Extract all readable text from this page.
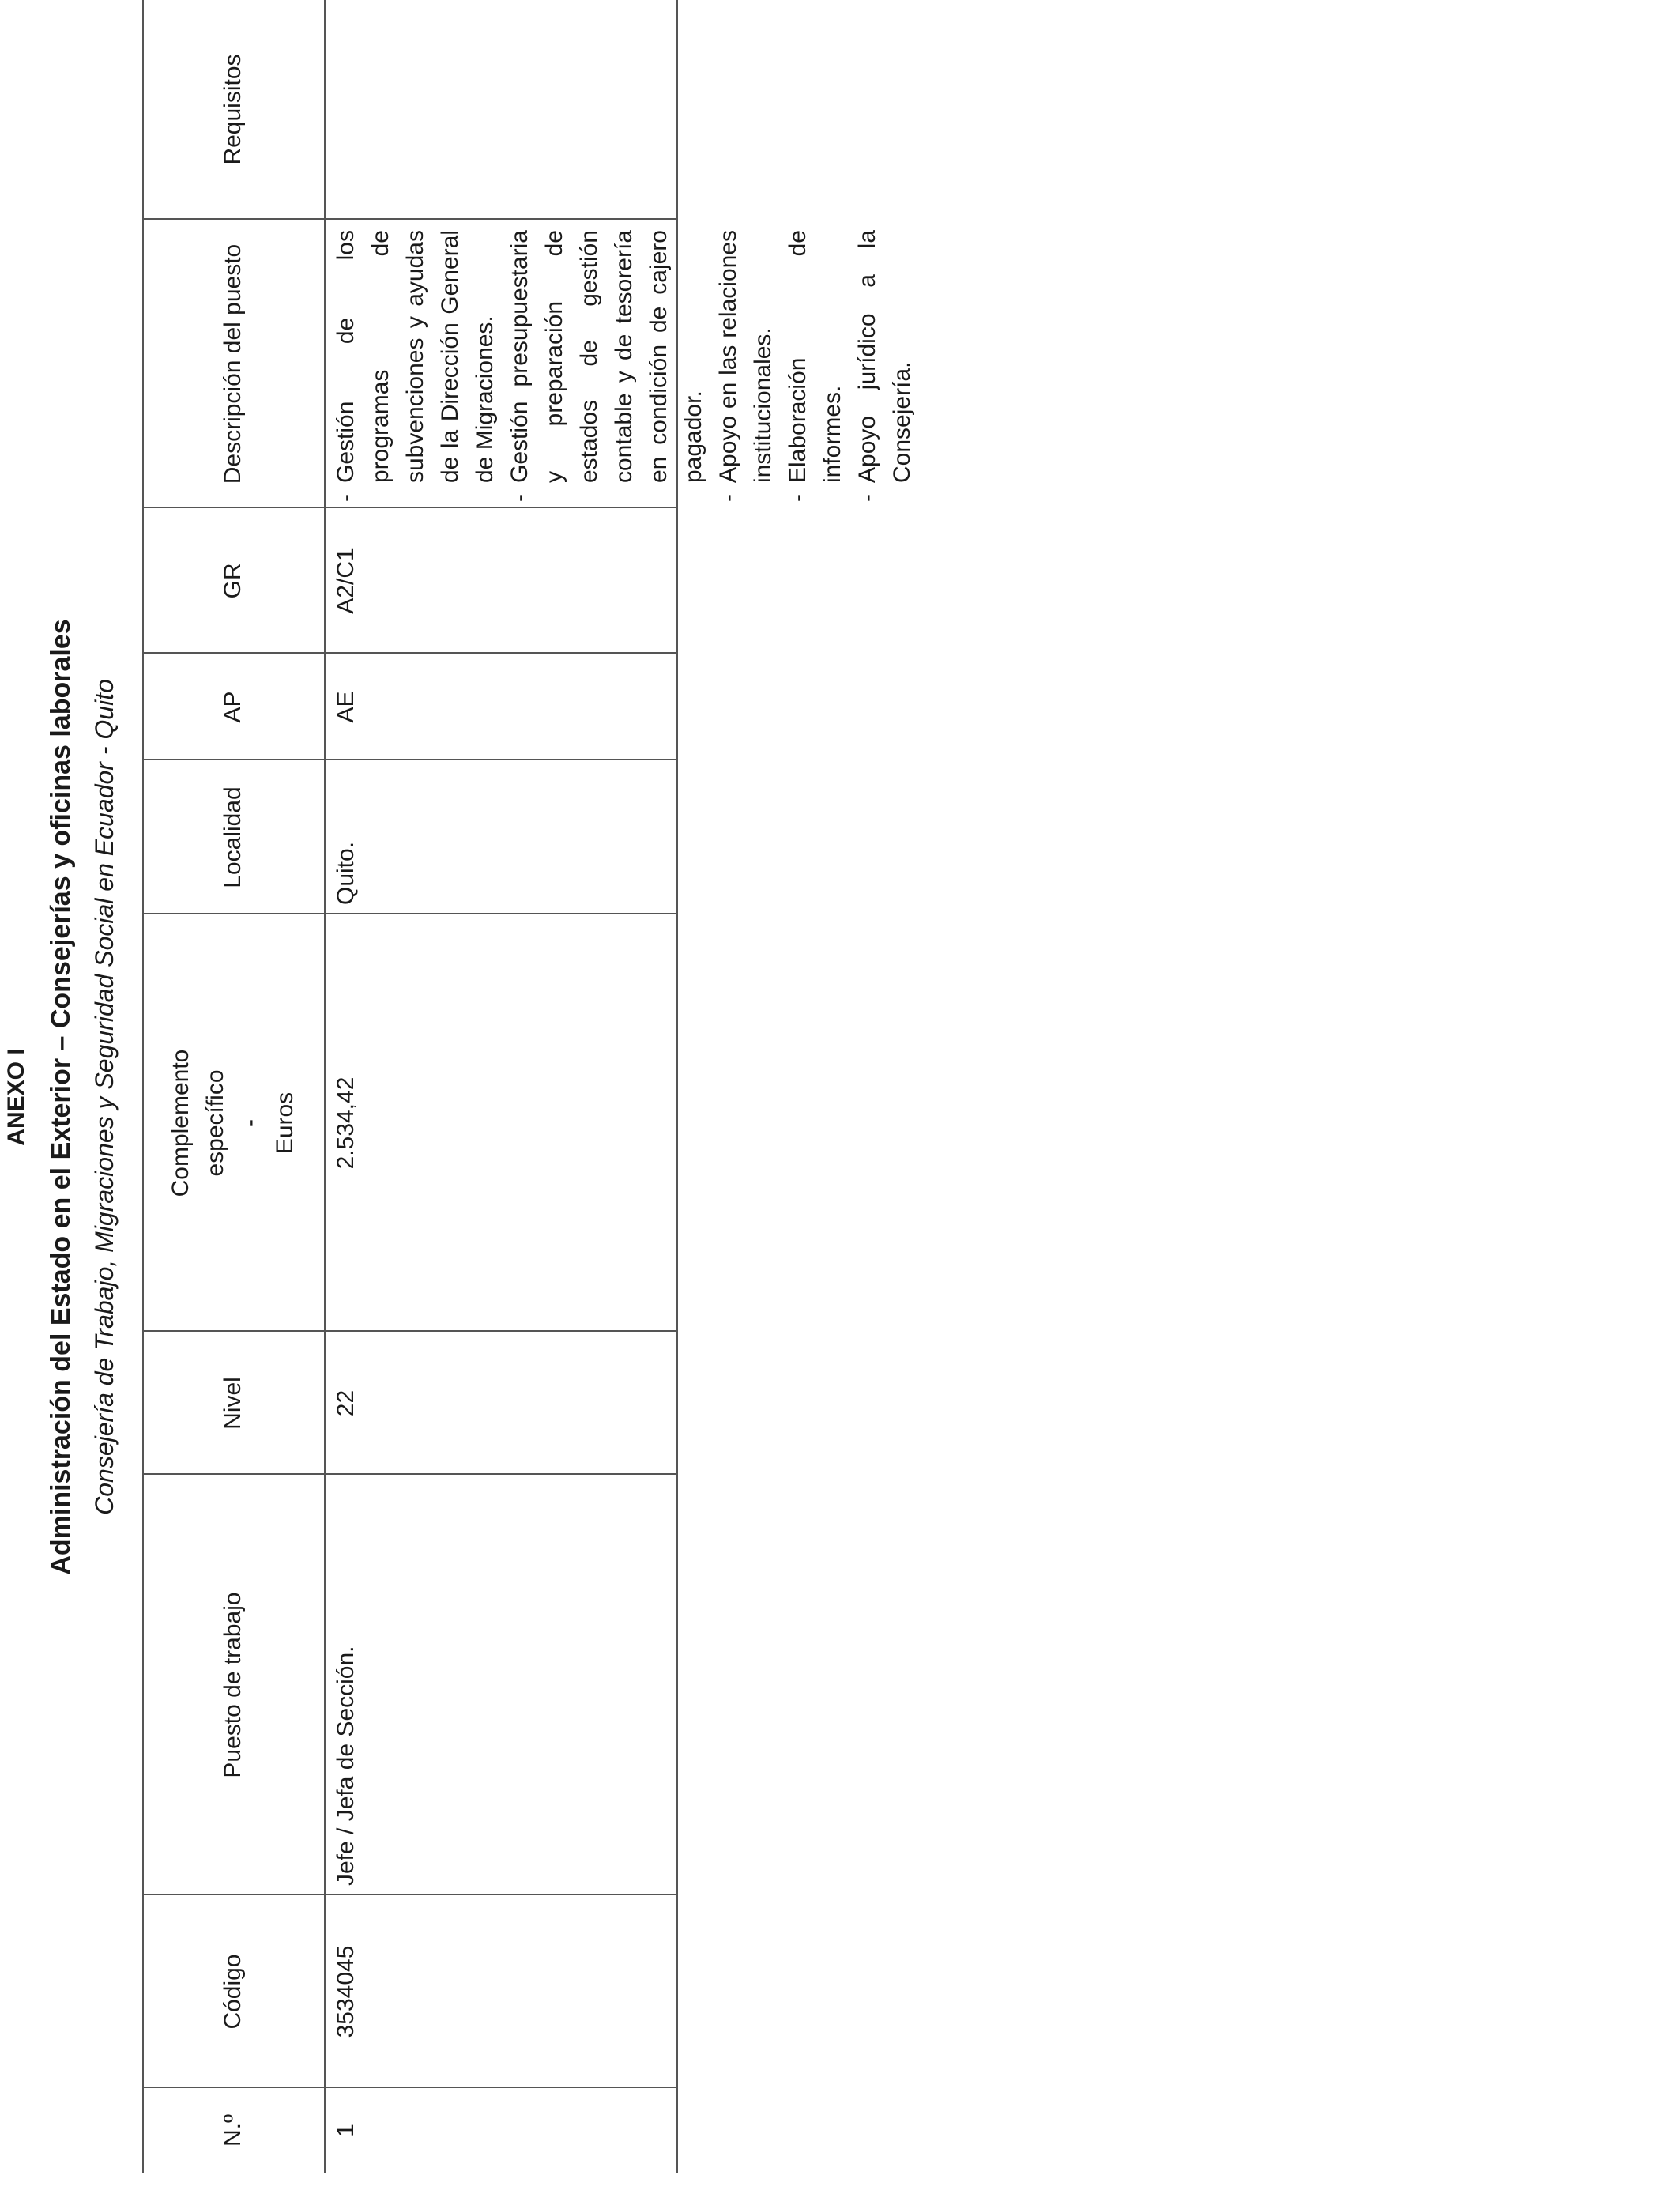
ANEXO I Administración del Estado en el Exterior – Consejerías y oficinas laborales Consejería de Trabajo, Migraciones y Seguridad Social en Ecuador - Quito
N.º
Código
Puesto de trabajo
Nivel
Complemento específico - Euros
Localidad
AP
GR
Descripción del puesto
Requisitos
1
3534045
Jefe / Jefa de Sección.
22
2.534,42
Quito.
AE
A2/C1
- Gestión de los programas de subvenciones y ayudas de la Dirección General de Migraciones. - Gestión presupuestaria y preparación de estados de gestión contable y de tesorería en condición de cajero pagador. - Apoyo en las relaciones institucionales. - Elaboración de informes. - Apoyo jurídico a la Consejería.
